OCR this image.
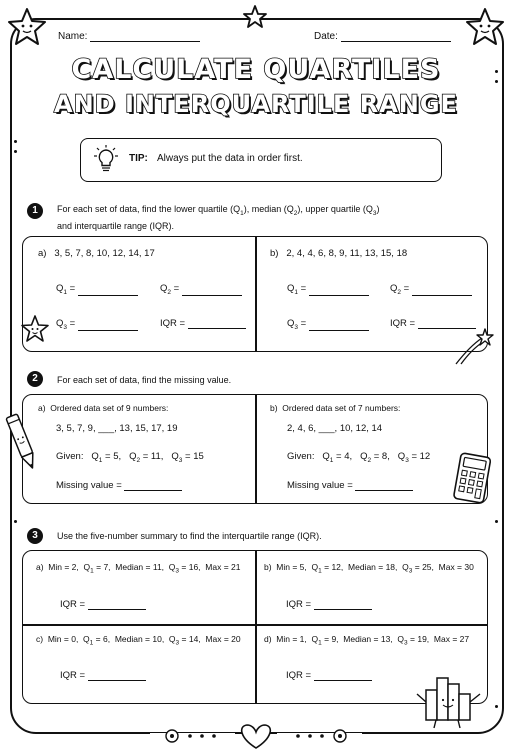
Name:	Date:
CALCULATE QUARTILES
AND INTERQUARTILE RANGE
TIP: Always put the data in order first.
1	For each set of data, find the lower quartile $(Q_1)$, median $(Q_2)$, upper quartile $(Q_3)$
and interquartile range (IQR).
a) 3, 5, 7, 8, 10, 12, 14, 17	b) 2, 4, 4, 6, 8, 9, 11, 13, 15, 18
$Q_1$ =	$Q_2$ =
$Q_3$ =	IQR =
$Q_1$ =	$Q_2$ =
$Q_3$ =	IQR =
2	For each set of data, find the missing value.
a) Ordered data set of 9 numbers:
3, 5, 7, 9, ___, 13, 15, 17, 19
Given:   $Q_1 = 5$,   $Q_2 = 11$,   $Q_3 = 15$
Missing value =
b) Ordered data set of 7 numbers:
2, 4, 6, ___, 10, 12, 14
Given:   $Q_1 = 4$,   $Q_2 = 8$,   $Q_3 = 12$
Missing value =
3	Use the five-number summary to find the interquartile range (IQR).
a) Min = 2,  $Q_1 = 7$, Median = 11,  $Q_3 = 16$, Max = 21
IQR =
b) Min = 5,  $Q_1 = 12$, Median = 18,  $Q_3 = 25$, Max = 30
IQR =
c) Min = 0,  $Q_1 = 6$, Median = 10,  $Q_3 = 14$, Max = 20
IQR =
d) Min = 1,  $Q_1 = 9$, Median = 13,  $Q_3 = 19$, Max = 27
IQR =
